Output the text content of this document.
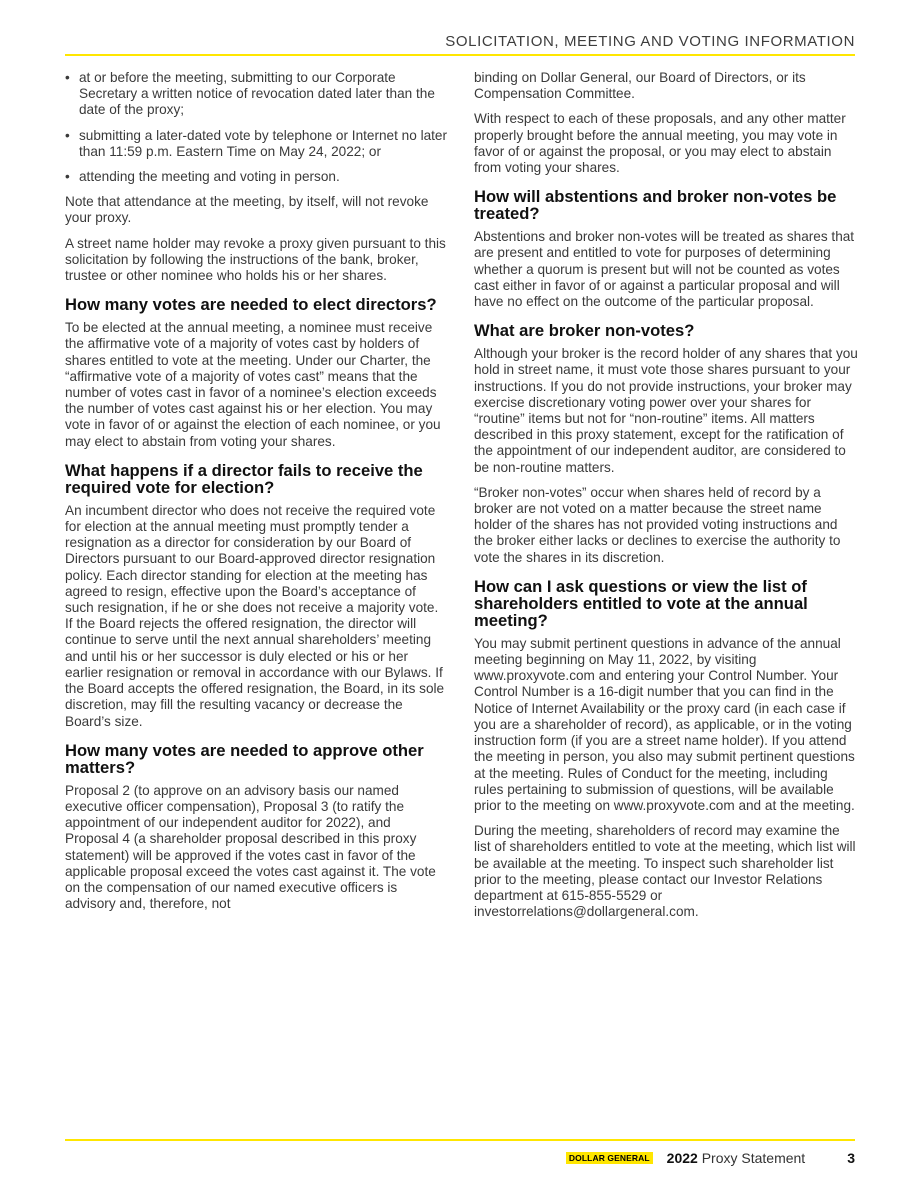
SOLICITATION, MEETING AND VOTING INFORMATION
• at or before the meeting, submitting to our Corporate Secretary a written notice of revocation dated later than the date of the proxy;
• submitting a later-dated vote by telephone or Internet no later than 11:59 p.m. Eastern Time on May 24, 2022; or
• attending the meeting and voting in person.

Note that attendance at the meeting, by itself, will not revoke your proxy.

A street name holder may revoke a proxy given pursuant to this solicitation by following the instructions of the bank, broker, trustee or other nominee who holds his or her shares.

How many votes are needed to elect directors?

To be elected at the annual meeting, a nominee must receive the affirmative vote of a majority of votes cast by holders of shares entitled to vote at the meeting. Under our Charter, the “affirmative vote of a majority of votes cast” means that the number of votes cast in favor of a nominee’s election exceeds the number of votes cast against his or her election. You may vote in favor of or against the election of each nominee, or you may elect to abstain from voting your shares.

What happens if a director fails to receive the required vote for election?

An incumbent director who does not receive the required vote for election at the annual meeting must promptly tender a resignation as a director for consideration by our Board of Directors pursuant to our Board-approved director resignation policy. Each director standing for election at the meeting has agreed to resign, effective upon the Board’s acceptance of such resignation, if he or she does not receive a majority vote. If the Board rejects the offered resignation, the director will continue to serve until the next annual shareholders’ meeting and until his or her successor is duly elected or his or her earlier resignation or removal in accordance with our Bylaws. If the Board accepts the offered resignation, the Board, in its sole discretion, may fill the resulting vacancy or decrease the Board’s size.

How many votes are needed to approve other matters?

Proposal 2 (to approve on an advisory basis our named executive officer compensation), Proposal 3 (to ratify the appointment of our independent auditor for 2022), and Proposal 4 (a shareholder proposal described in this proxy statement) will be approved if the votes cast in favor of the applicable proposal exceed the votes cast against it. The vote on the compensation of our named executive officers is advisory and, therefore, not

binding on Dollar General, our Board of Directors, or its Compensation Committee.

With respect to each of these proposals, and any other matter properly brought before the annual meeting, you may vote in favor of or against the proposal, or you may elect to abstain from voting your shares.

How will abstentions and broker non-votes be treated?

Abstentions and broker non-votes will be treated as shares that are present and entitled to vote for purposes of determining whether a quorum is present but will not be counted as votes cast either in favor of or against a particular proposal and will have no effect on the outcome of the particular proposal.

What are broker non-votes?

Although your broker is the record holder of any shares that you hold in street name, it must vote those shares pursuant to your instructions. If you do not provide instructions, your broker may exercise discretionary voting power over your shares for “routine” items but not for “non-routine” items. All matters described in this proxy statement, except for the ratification of the appointment of our independent auditor, are considered to be non-routine matters.

“Broker non-votes” occur when shares held of record by a broker are not voted on a matter because the street name holder of the shares has not provided voting instructions and the broker either lacks or declines to exercise the authority to vote the shares in its discretion.

How can I ask questions or view the list of shareholders entitled to vote at the annual meeting?

You may submit pertinent questions in advance of the annual meeting beginning on May 11, 2022, by visiting www.proxyvote.com and entering your Control Number. Your Control Number is a 16-digit number that you can find in the Notice of Internet Availability or the proxy card (in each case if you are a shareholder of record), as applicable, or in the voting instruction form (if you are a street name holder). If you attend the meeting in person, you also may submit pertinent questions at the meeting. Rules of Conduct for the meeting, including rules pertaining to submission of questions, will be available prior to the meeting on www.proxyvote.com and at the meeting.

During the meeting, shareholders of record may examine the list of shareholders entitled to vote at the meeting, which list will be available at the meeting. To inspect such shareholder list prior to the meeting, please contact our Investor Relations department at 615-855-5529 or investorrelations@dollargeneral.com.

DOLLAR GENERAL 2022 Proxy Statement	3
